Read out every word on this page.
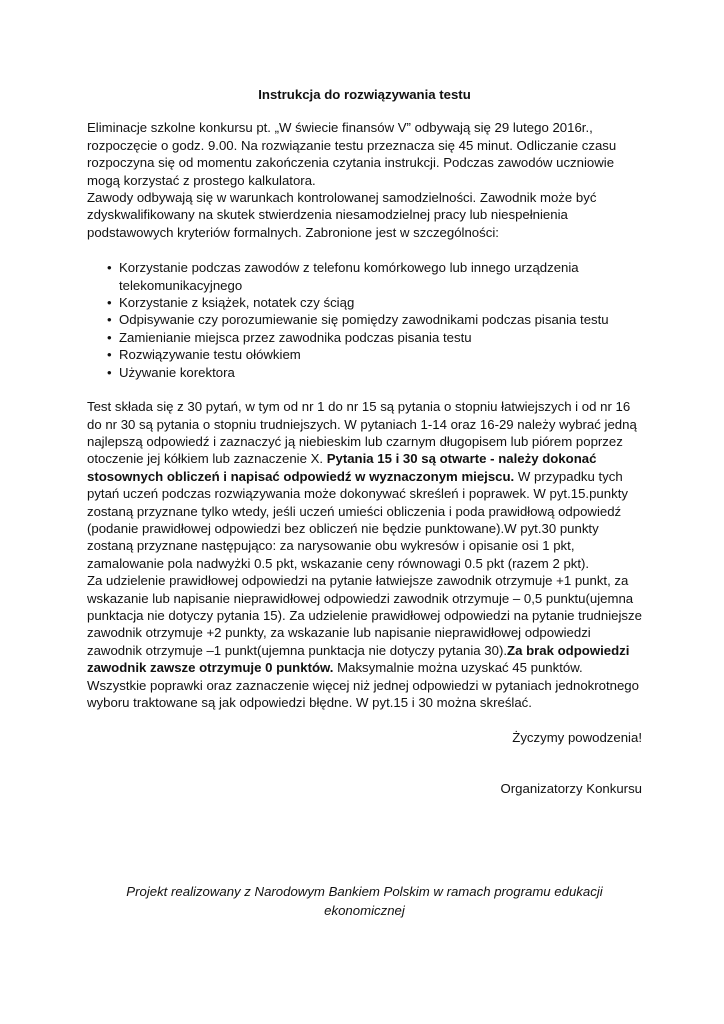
Instrukcja do rozwiązywania testu

Eliminacje szkolne konkursu pt. „W świecie finansów V” odbywają się 29 lutego 2016r., rozpoczęcie o godz. 9.00. Na rozwiązanie testu przeznacza się 45 minut. Odliczanie czasu rozpoczyna się od momentu zakończenia czytania instrukcji. Podczas zawodów uczniowie mogą korzystać z prostego kalkulatora.

Zawody odbywają się w warunkach kontrolowanej samodzielności. Zawodnik może być zdyskwalifikowany na skutek stwierdzenia niesamodzielnej pracy lub niespełnienia podstawowych kryteriów formalnych. Zabronione jest w szczególności:

• Korzystanie podczas zawodów z telefonu komórkowego lub innego urządzenia telekomunikacyjnego
• Korzystanie z książek, notatek czy ściąg
• Odpisywanie czy porozumiewanie się pomiędzy zawodnikami podczas pisania testu
• Zamienianie miejsca przez zawodnika podczas pisania testu
• Rozwiązywanie testu ołówkiem
• Używanie korektora

Test składa się z 30 pytań, w tym od nr 1 do nr 15 są pytania o stopniu łatwiejszych i od nr 16 do nr 30 są pytania o stopniu trudniejszych. W pytaniach 1-14 oraz 16-29 należy wybrać jedną najlepszą odpowiedź i zaznaczyć ją niebieskim lub czarnym długopisem lub piórem poprzez otoczenie jej kółkiem lub zaznaczenie X. Pytania 15 i 30 są otwarte - należy dokonać stosownych obliczeń i napisać odpowiedź w wyznaczonym miejscu. W przypadku tych pytań uczeń podczas rozwiązywania może dokonywać skreśleń i poprawek. W pyt.15.punkty zostaną przyznane tylko wtedy, jeśli uczeń umieści obliczenia i poda prawidłową odpowiedź (podanie prawidłowej odpowiedzi bez obliczeń nie będzie punktowane).W pyt.30 punkty zostaną przyznane następująco: za narysowanie obu wykresów i opisanie osi 1 pkt, zamalowanie pola nadwyżki 0.5 pkt, wskazanie ceny równowagi 0.5 pkt (razem 2 pkt).

Za udzielenie prawidłowej odpowiedzi na pytanie łatwiejsze zawodnik otrzymuje +1 punkt, za wskazanie lub napisanie nieprawidłowej odpowiedzi zawodnik otrzymuje – 0,5 punktu(ujemna punktacja nie dotyczy pytania 15). Za udzielenie prawidłowej odpowiedzi na pytanie trudniejsze zawodnik otrzymuje +2 punkty, za wskazanie lub napisanie nieprawidłowej odpowiedzi zawodnik otrzymuje –1 punkt(ujemna punktacja nie dotyczy pytania 30).Za brak odpowiedzi zawodnik zawsze otrzymuje 0 punktów. Maksymalnie można uzyskać 45 punktów.

Wszystkie poprawki oraz zaznaczenie więcej niż jednej odpowiedzi w pytaniach jednokrotnego wyboru traktowane są jak odpowiedzi błędne. W pyt.15 i 30 można skreślać.

Życzymy powodzenia!

Organizatorzy Konkursu

Projekt realizowany z Narodowym Bankiem Polskim w ramach programu edukacji ekonomicznej
